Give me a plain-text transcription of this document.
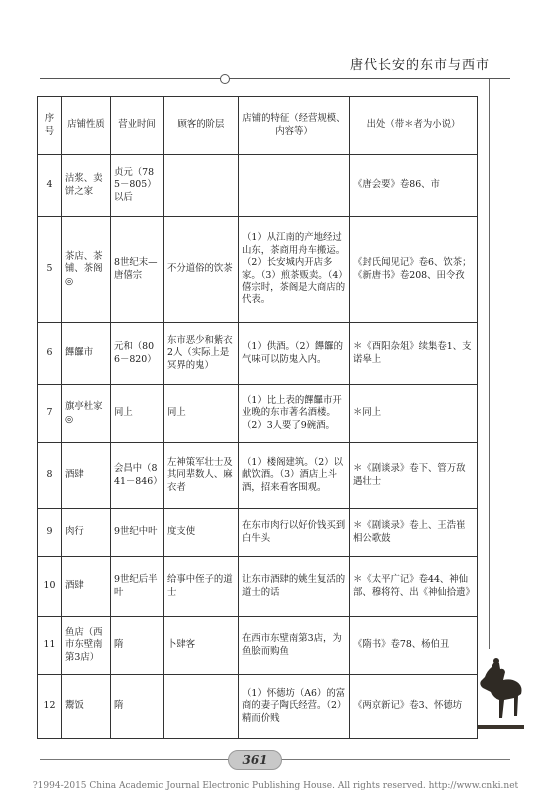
唐代长安的东市与西市
序号	店铺性质	营业时间	顾客的阶层	店铺的特征（经营规模、内容等）	出处（带＊者为小说）
4	沽浆、卖饼之家	贞元（785－805）以后			《唐会要》卷86、市
5	茶店、茶铺、茶阁◎	8世纪末—唐僖宗	不分道俗的饮茶	（1）从江南的产地经过山东，茶商用舟车搬运。（2）长安城内开店多家。（3）煎茶贩卖。（4）僖宗时，茶阁是大商店的代表。	《封氏闻见记》卷6、饮茶；《新唐书》卷208、田令孜
6	饆饠市	元和（806－820）	东市恶少和紫衣2人（实际上是冥界的鬼）	（1）供酒。（2）饆饠的气味可以防鬼入内。	＊《酉阳杂俎》续集卷1、支诺皋上
7	旗亭杜家◎	同上	同上	（1）比上表的饆饠市开业晚的东市著名酒楼。（2）3人要了9碗酒。	＊同上
8	酒肆	会昌中（841－846）	左神策军壮士及其同辈数人、麻衣者	（1）楼阁建筑。（2）以献饮酒。（3）酒店上斗酒，招来看客围观。	＊《剧谈录》卷下、管万敌遇壮士
9	肉行	9世纪中叶	度支使	在东市肉行以好价钱买到白牛头	＊《剧谈录》卷上、王浩崔相公歌鼓
10	酒肆	9世纪后半叶	给事中侄子的道士	让东市酒肆的姚生复活的道士的话	＊《太平广记》卷44、神仙部、穆将符、出《神仙拾遗》
11	鱼店（西市东壁南第3店）	隋	卜肆客	在西市东壁南第3店，为鱼脍而购鱼	《隋书》卷78、杨伯丑
12	鬻饭	隋		（1）怀德坊（A6）的富商的妻子陶氏经营。（2）精而价贱	《两京新记》卷3、怀德坊
361
?1994-2015 China Academic Journal Electronic Publishing House. All rights reserved. http://www.cnki.net
